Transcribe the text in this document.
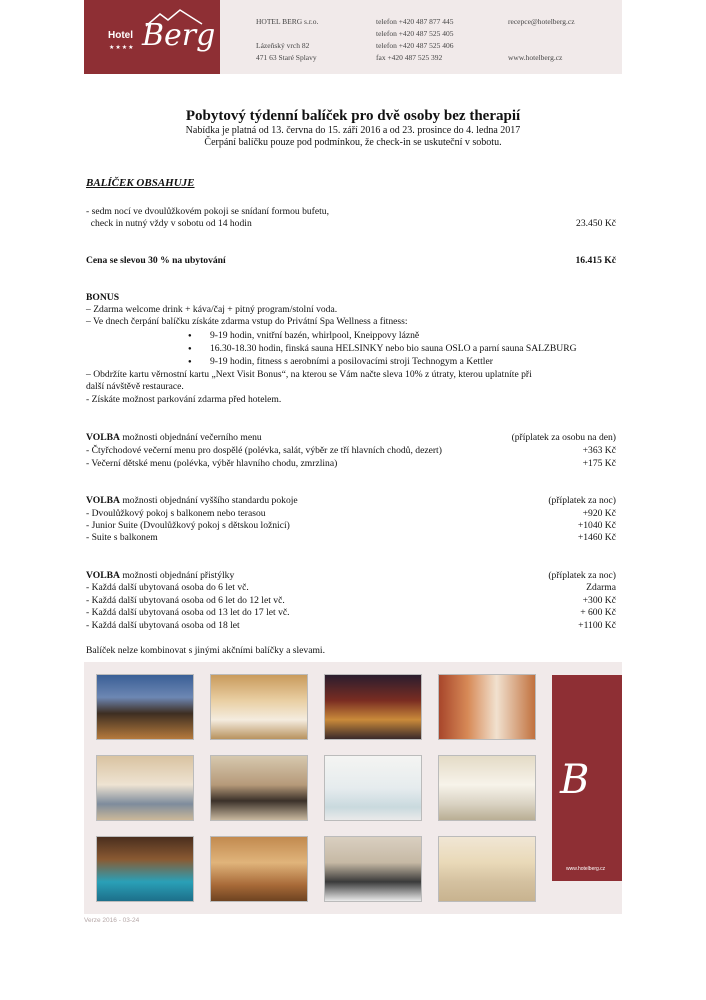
Hotel
★★★★ Berg	HOTEL BERG s.r.o.
Lázeňský vrch 82
471 63 Staré Splavy
telefon +420 487 877 445
telefon +420 487 525 405
telefon +420 487 525 406
fax +420 487 525 392
recepce@hotelberg.cz
www.hotelberg.cz
Pobytový týdenní balíček pro dvě osoby bez therapií
Nabídka je platná od 13. června do 15. září 2016 a od 23. prosince do 4. ledna 2017
Čerpání balíčku pouze pod podmínkou, že check-in se uskuteční v sobotu.
BALÍČEK OBSAHUJE
- sedm nocí ve dvoulůžkovém pokoji se snídaní formou bufetu,
check in nutný vždy v sobotu od 14 hodin	23.450 Kč
Cena se slevou 30 % na ubytování	16.415 Kč
BONUS
– Zdarma welcome drink + káva/čaj + pitný program/stolní voda.
– Ve dnech čerpání balíčku získáte zdarma vstup do Privátní Spa Wellness a fitness:
9-19 hodin, vnitřní bazén, whirlpool, Kneippovy lázně
16.30-18.30 hodin, finská sauna HELSINKY nebo bio sauna OSLO a parní sauna SALZBURG
9-19 hodin, fitness s aerobními a posilovacími stroji Technogym a Kettler
– Obdržíte kartu věrnostní kartu „Next Visit Bonus“, na kterou se Vám načte sleva 10% z útraty, kterou uplatníte při
další návštěvě restaurace.
- Získáte možnost parkování zdarma před hotelem.
VOLBA možnosti objednání večerního menu	(příplatek za osobu na den)
- Čtyřchodové večerní menu pro dospělé (polévka, salát, výběr ze tří hlavních chodů, dezert)	+363 Kč
- Večerní dětské menu (polévka, výběr hlavního chodu, zmrzlina)	+175 Kč
VOLBA možnosti objednání vyššího standardu pokoje	(příplatek za noc)
- Dvoulůžkový pokoj s balkonem nebo terasou	+920 Kč
- Junior Suite (Dvoulůžkový pokoj s dětskou ložnicí)	+1040 Kč
- Suite s balkonem	+1460 Kč
VOLBA možnosti objednání přistýlky	(příplatek za noc)
- Každá další ubytovaná osoba do 6 let vč.	Zdarma
- Každá další ubytovaná osoba od 6 let do 12 let vč.	+300 Kč
- Každá další ubytovaná osoba od 13 let do 17 let vč.	+ 600 Kč
- Každá další ubytovaná osoba od 18 let	+1100 Kč
Balíček nelze kombinovat s jinými akčními balíčky a slevami.
B
www.hotelberg.cz
Verze 2016 - 03-24
